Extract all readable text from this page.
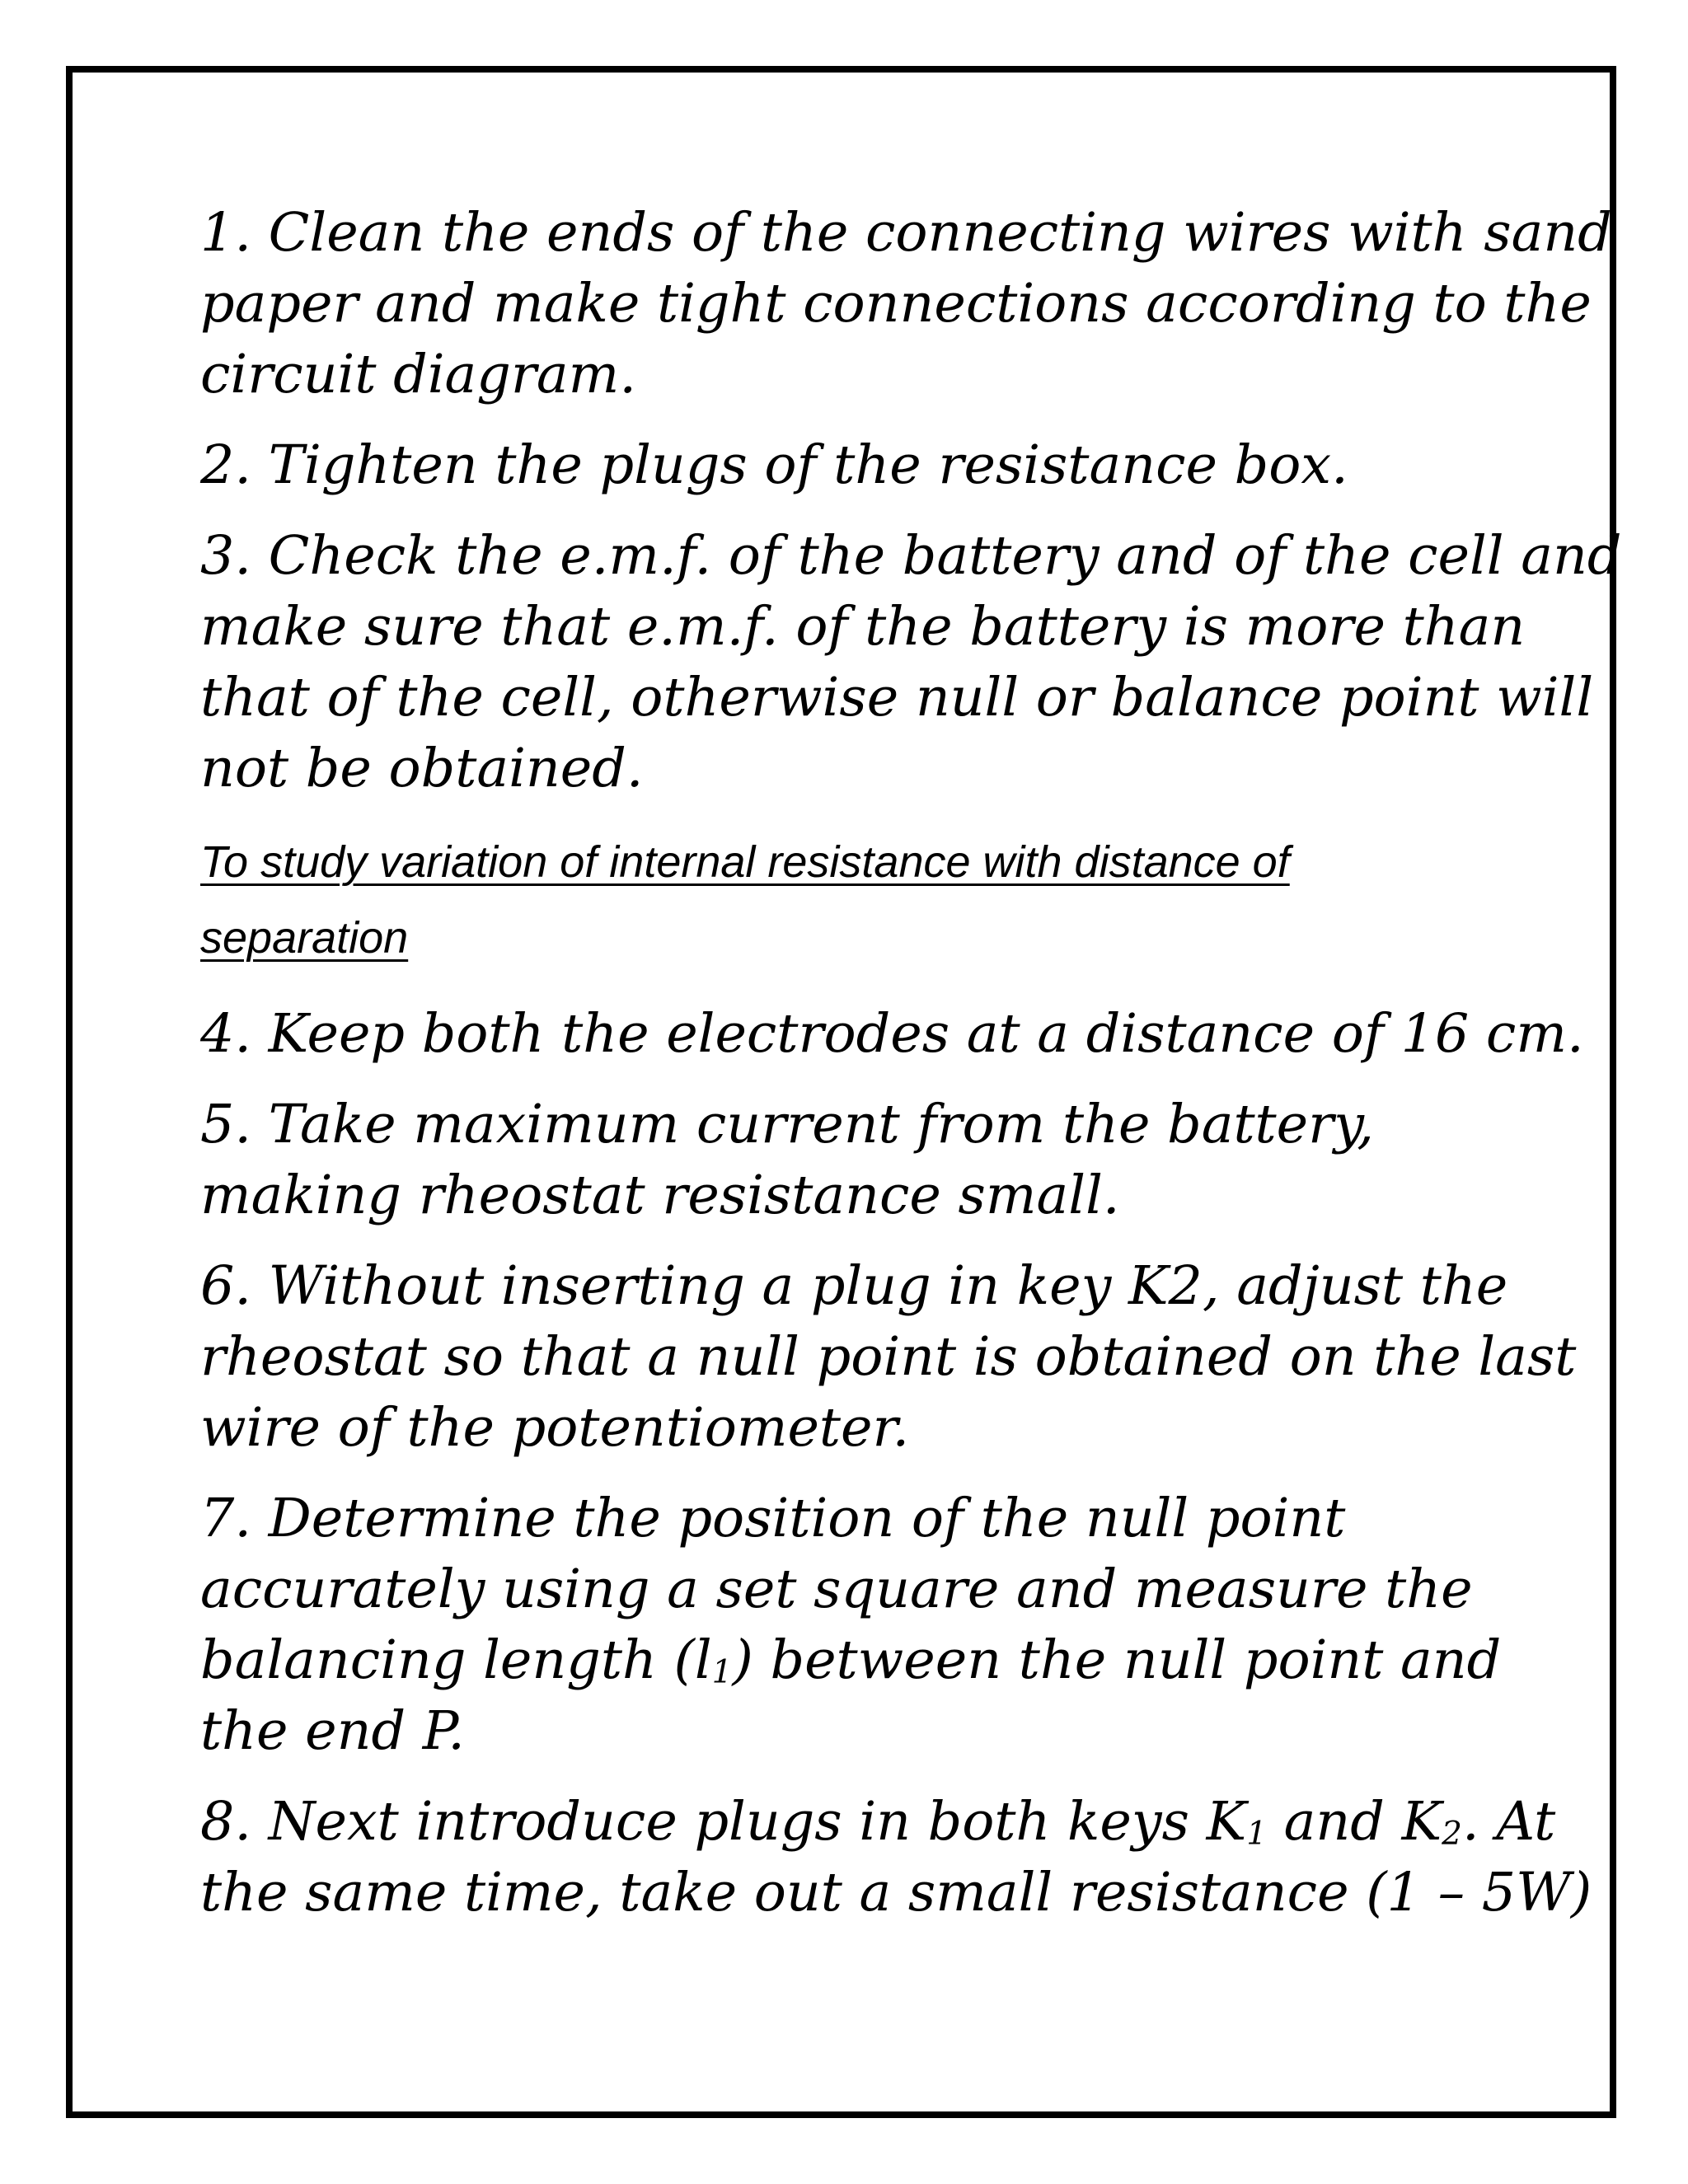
1. Clean the ends of the connecting wires with sand
paper and make tight connections according to the
circuit diagram.
2. Tighten the plugs of the resistance box.
3. Check the e.m.f. of the battery and of the cell and
make sure that e.m.f. of the battery is more than
that of the cell, otherwise null or balance point will
not be obtained.
To study variation of internal resistance with distance of
separation
4. Keep both the electrodes at a distance of 16 cm.
5. Take maximum current from the battery,
making rheostat resistance small.
6. Without inserting a plug in key K2, adjust the
rheostat so that a null point is obtained on the last
wire of the potentiometer.
7. Determine the position of the null point
accurately using a set square and measure the
balancing length $(l_1)$ between the null point and
the end P.
8. Next introduce plugs in both keys $K_1$ and $K_2$. At
the same time, take out a small resistance (1 – 5W)
